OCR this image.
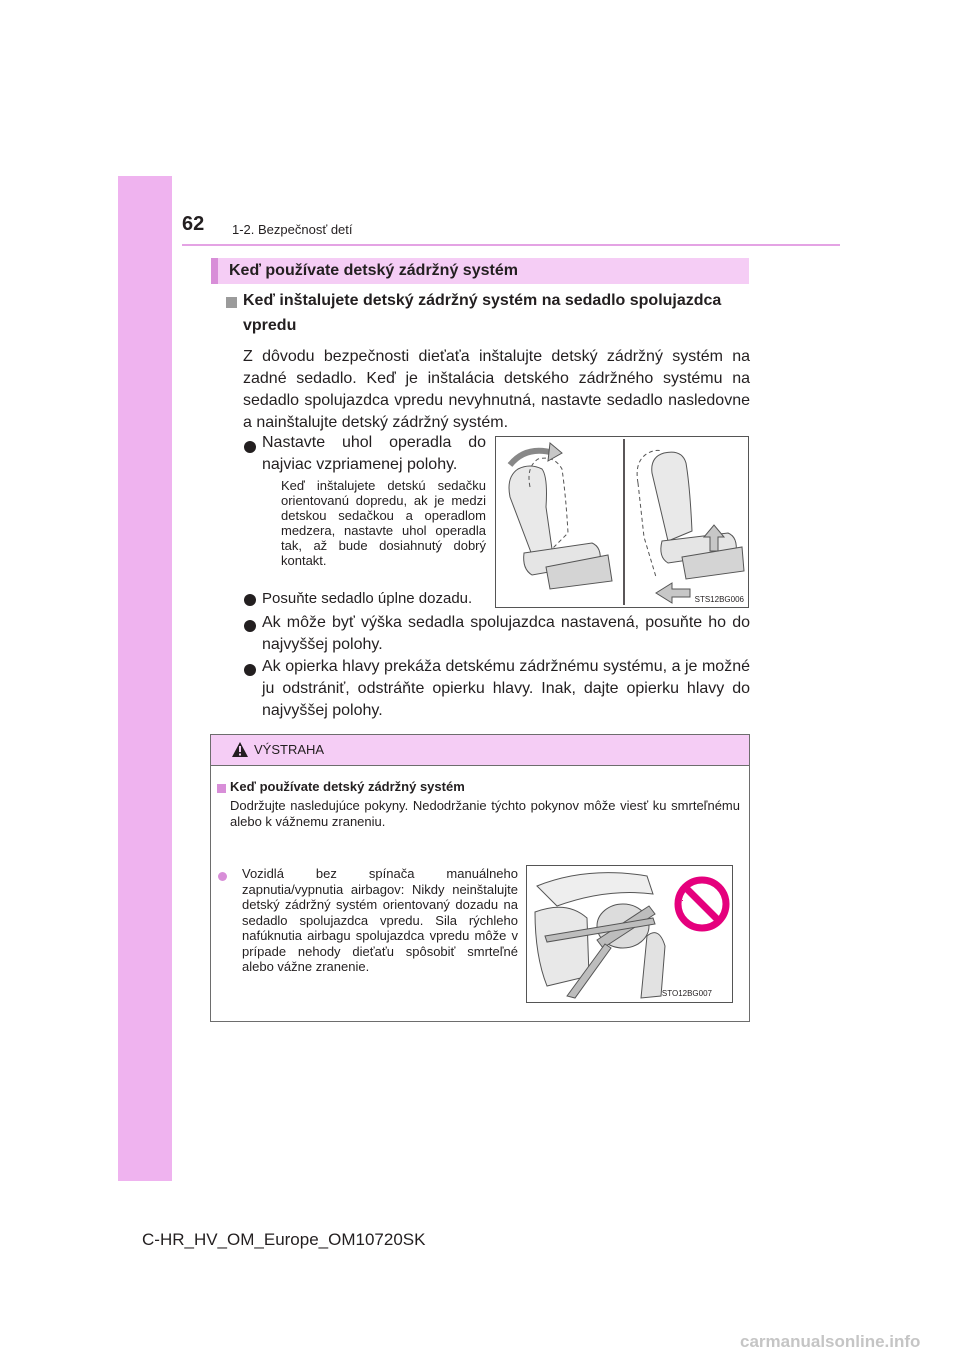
62 1-2. Bezpečnosť detí
Keď používate detský zádržný systém
Keď inštalujete detský zádržný systém na sedadlo spolujazdca vpredu
Z dôvodu bezpečnosti dieťaťa inštalujte detský zádržný systém na zadné sedadlo. Keď je inštalácia detského zádržného systému na sedadlo spolujazdca vpredu nevyhnutná, nastavte sedadlo nasledovne a nainštalujte detský zádržný systém.
Nastavte uhol operadla do najviac vzpriamenej polohy.
Keď inštalujete detskú sedačku orientovanú dopredu, ak je medzi detskou sedačkou a operadlom medzera, nastavte uhol operadla tak, až bude dosiahnutý dobrý kontakt.
Posuňte sedadlo úplne dozadu.
Ak môže byť výška sedadla spolujazdca nastavená, posuňte ho do najvyššej polohy.
Ak opierka hlavy prekáža detskému zádržnému systému, a je možné ju odstrániť, odstráňte opierku hlavy. Inak, dajte opierku hlavy do najvyššej polohy.
STS12BG006
VÝSTRAHA
Keď používate detský zádržný systém
Dodržujte nasledujúce pokyny. Nedodržanie týchto pokynov môže viesť ku smrteľnému alebo k vážnemu zraneniu.
Vozidlá bez spínača manuálneho zapnutia/vypnutia airbagov: Nikdy neinštalujte detský zádržný systém orientovaný dozadu na sedadlo spolujazdca vpredu. Sila rýchleho nafúknutia airbagu spolujazdca vpredu môže v prípade nehody dieťaťu spôsobiť smrteľné alebo vážne zranenie.
STO12BG007
C-HR_HV_OM_Europe_OM10720SK
carmanualsonline.info
